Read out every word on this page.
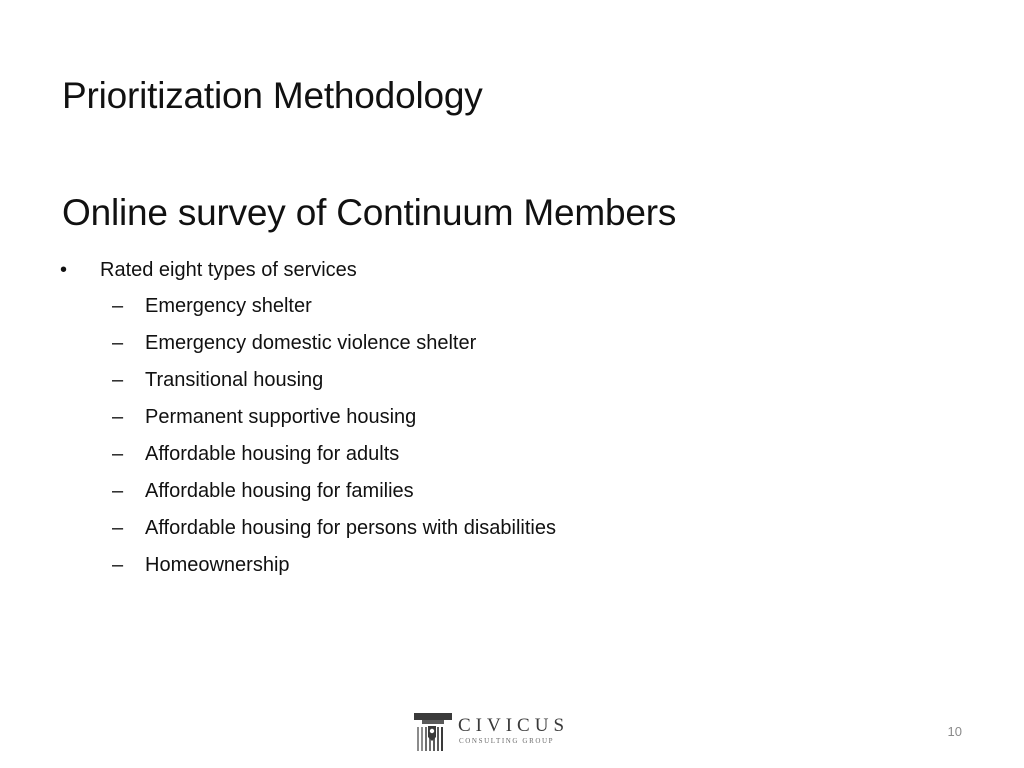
Prioritization Methodology
Online survey of Continuum Members
• Rated eight types of services
– Emergency shelter
– Emergency domestic violence shelter
– Transitional housing
– Permanent supportive housing
– Affordable housing for adults
– Affordable housing for families
– Affordable housing for persons with disabilities
– Homeownership
CIVICUS
CONSULTING GROUP
10
